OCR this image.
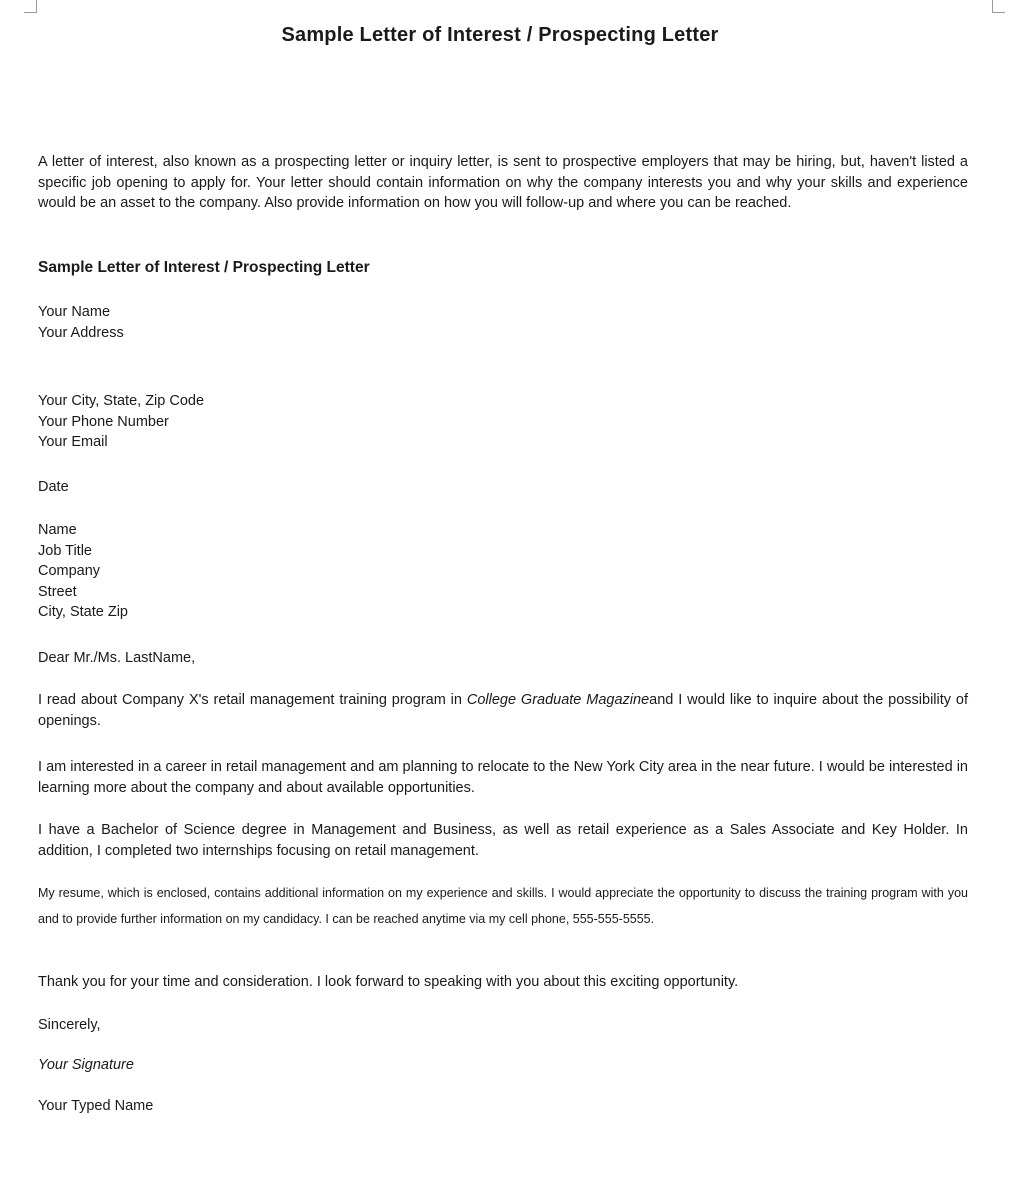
Sample Letter of Interest / Prospecting Letter
A letter of interest, also known as a prospecting letter or inquiry letter, is sent to prospective employers that may be hiring, but, haven't listed a specific job opening to apply for. Your letter should contain information on why the company interests you and why your skills and experience would be an asset to the company. Also provide information on how you will follow-up and where you can be reached.
Sample Letter of Interest / Prospecting Letter
Your Name
Your Address
Your City, State, Zip Code
Your Phone Number
Your Email
Date
Name
Job Title
Company
Street
City, State Zip
Dear Mr./Ms. LastName,
I read about Company X's retail management training program in College Graduate Magazineand I would like to inquire about the possibility of openings.
I am interested in a career in retail management and am planning to relocate to the New York City area in the near future. I would be interested in learning more about the company and about available opportunities.
I have a Bachelor of Science degree in Management and Business, as well as retail experience as a Sales Associate and Key Holder. In addition, I completed two internships focusing on retail management.
My resume, which is enclosed, contains additional information on my experience and skills. I would appreciate the opportunity to discuss the training program with you and to provide further information on my candidacy. I can be reached anytime via my cell phone, 555-555-5555.
Thank you for your time and consideration. I look forward to speaking with you about this exciting opportunity.
Sincerely,
Your Signature
Your Typed Name
